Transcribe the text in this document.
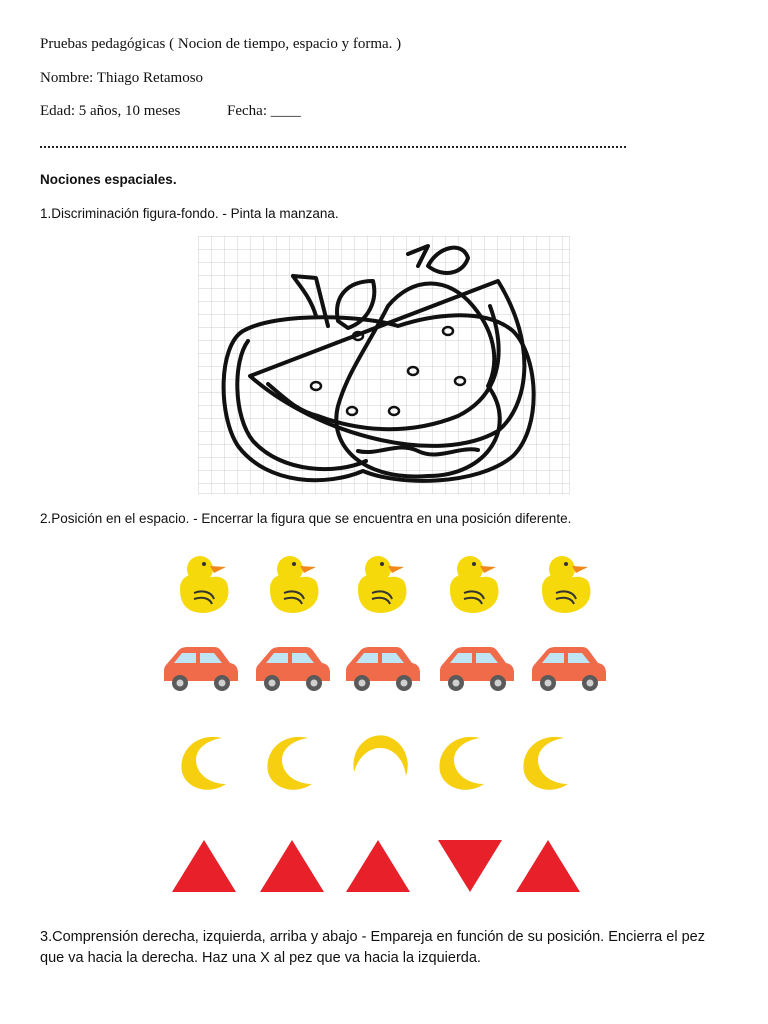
Pruebas pedagógicas ( Nocion de tiempo, espacio y forma. )
Nombre: Thiago Retamoso
Edad: 5 años, 10 meses	Fecha: ____
Nociones espaciales.
1.Discriminación figura-fondo. - Pinta la manzana.
2.Posición en el espacio. - Encerrar la figura que se encuentra en una posición diferente.
3.Comprensión derecha, izquierda, arriba y abajo - Empareja en función de su posición. Encierra el pez que va hacia la derecha. Haz una X al pez que va hacia la izquierda.
